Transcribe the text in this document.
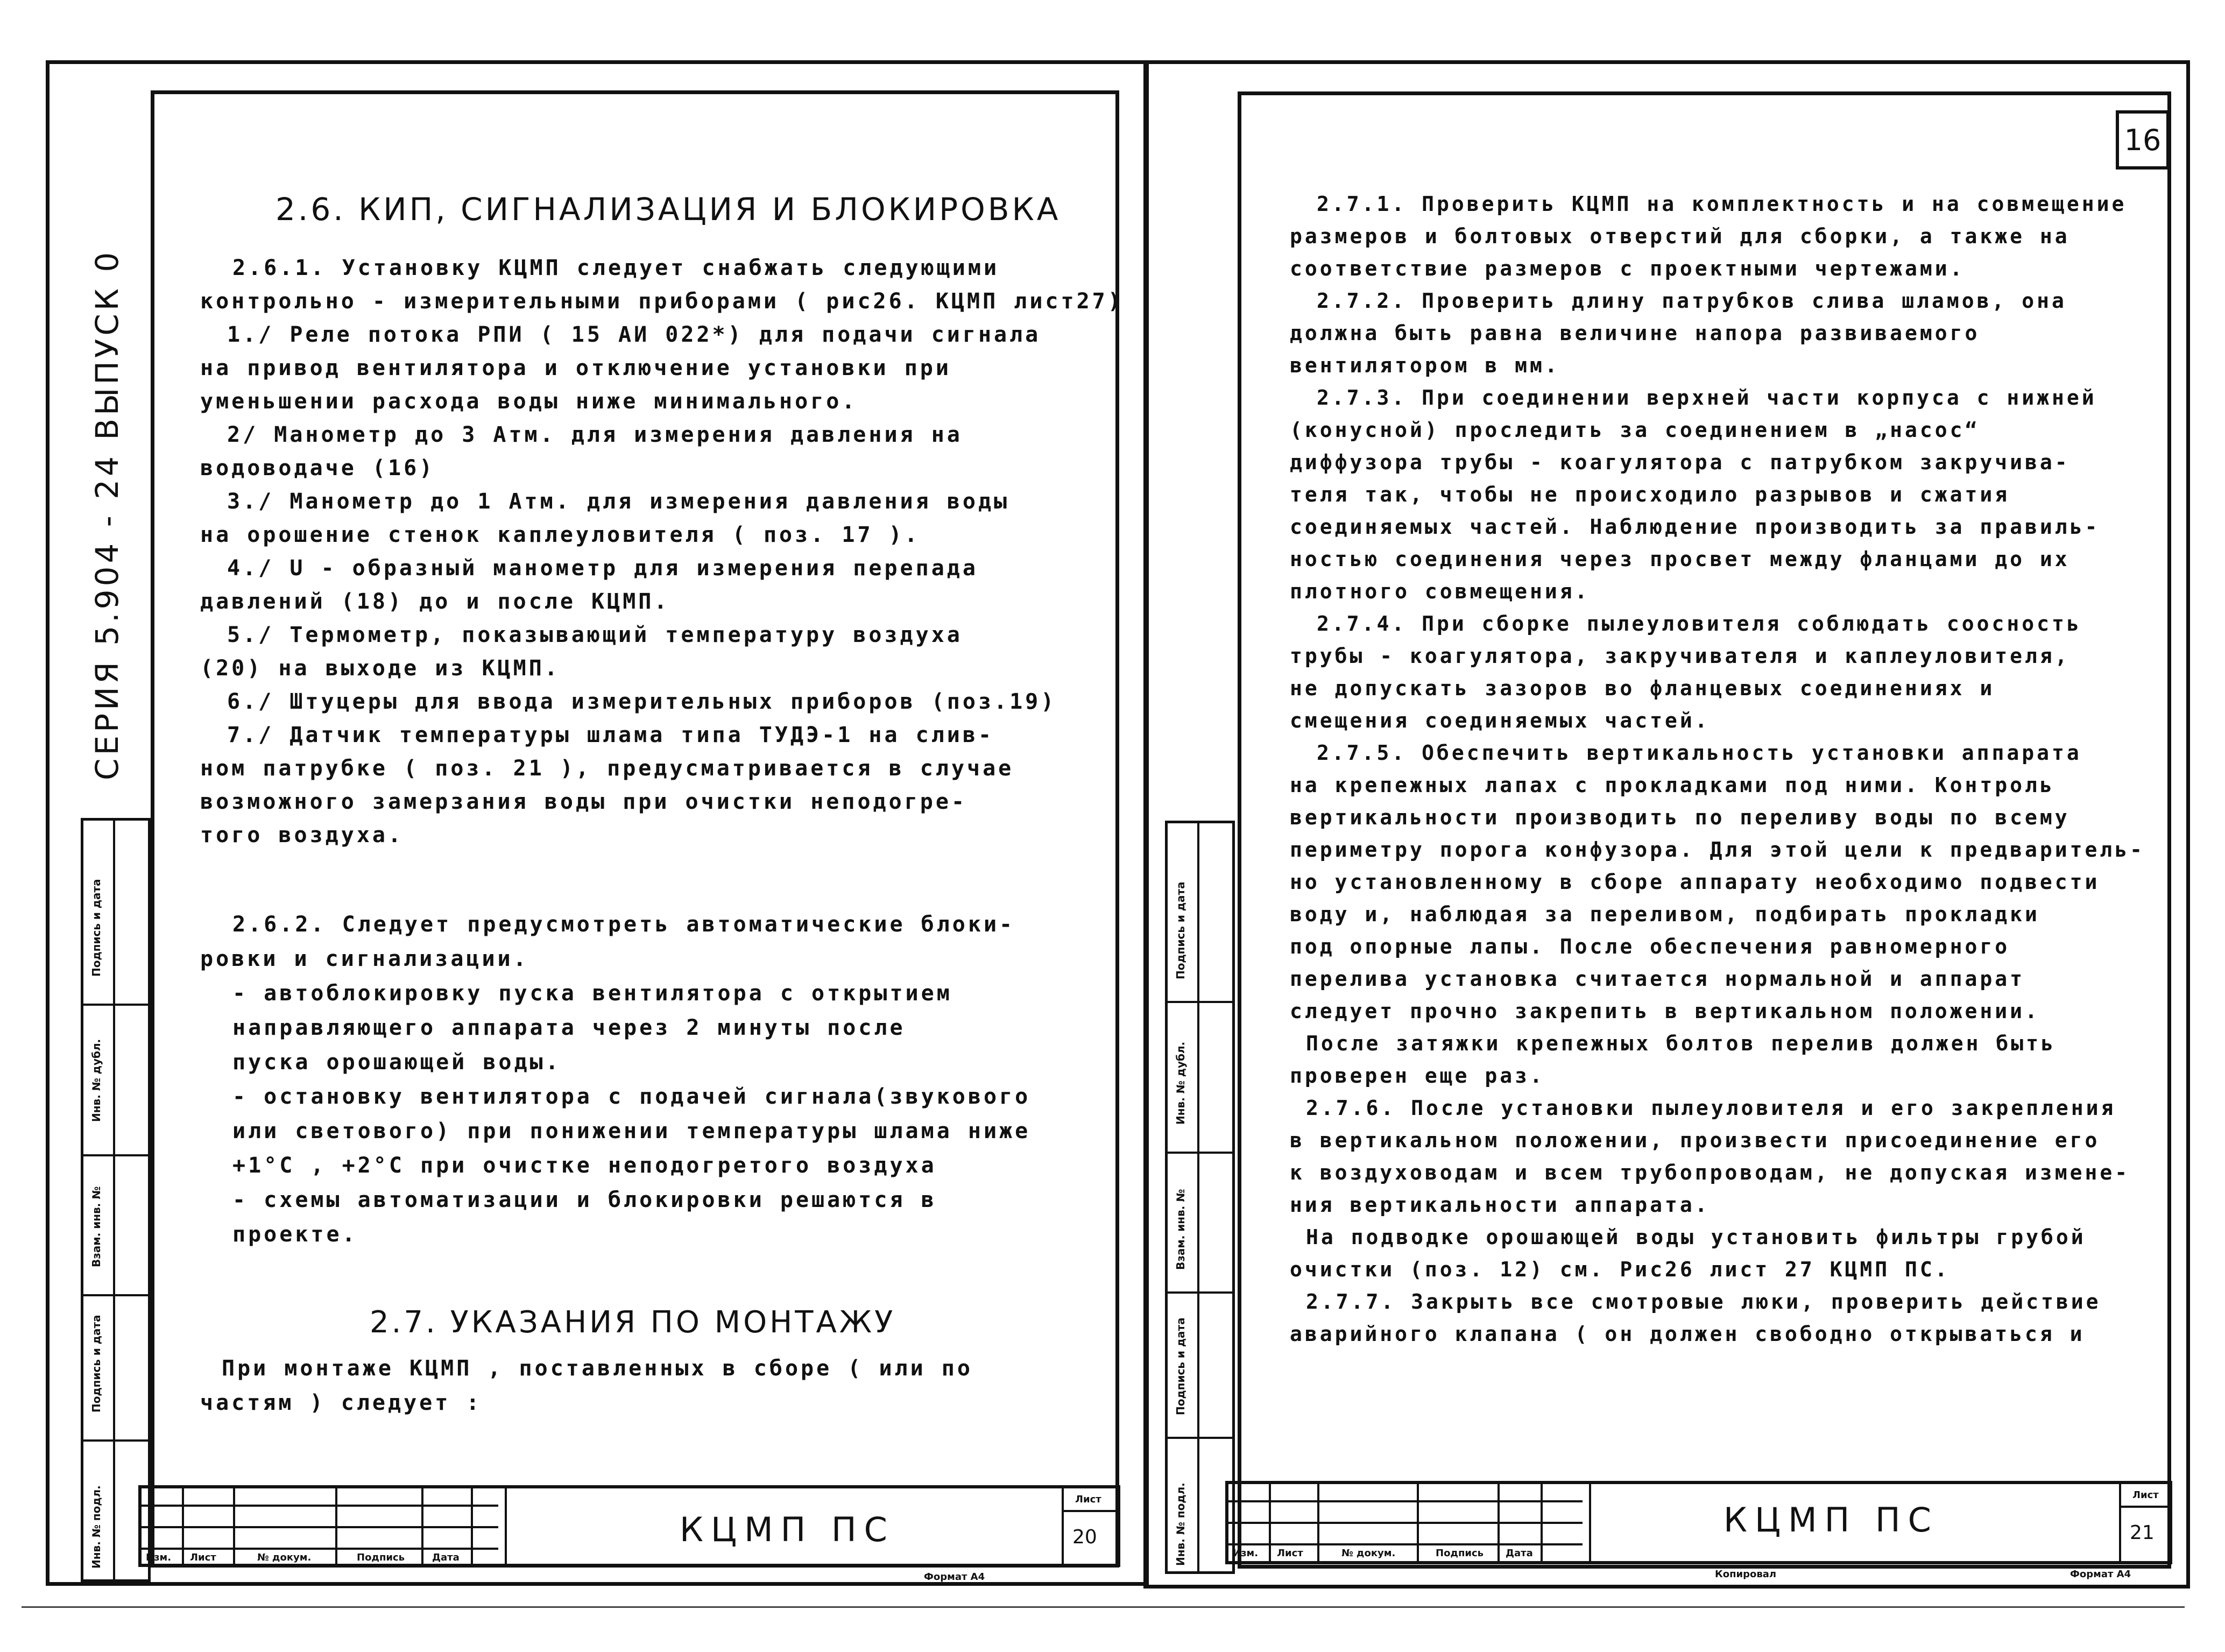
СЕРИЯ 5.904 - 24 ВЫПУСК 0
Подпись и дата
Инв. № дубл.
Взам. инв. №
Подпись и дата
Инв. № подл.
2.6. КИП, СИГНАЛИЗАЦИЯ И БЛОКИРОВКА
2.6.1. Установку КЦМП следует снабжать следующими
контрольно - измерительными приборами ( рис26. КЦМП лист27)
1./ Реле потока РПИ ( 15 АИ 022*) для подачи сигнала
на привод вентилятора и отключение установки при
уменьшении расхода воды ниже минимального.
2/ Манометр до 3 Атм. для измерения давления на
водоводаче (16)
3./ Манометр до 1 Атм. для измерения давления воды
на орошение стенок каплеуловителя ( поз. 17 ).
4./ U - образный манометр для измерения перепада
давлений (18) до и после КЦМП.
5./ Термометр, показывающий температуру воздуха
(20) на выходе из КЦМП.
6./ Штуцеры для ввода измерительных приборов (поз.19)
7./ Датчик температуры шлама типа ТУДЭ-1 на слив-
ном патрубке ( поз. 21 ), предусматривается в случае
возможного замерзания воды при очистки неподогре-
того воздуха.
2.6.2. Следует предусмотреть автоматические блоки-
ровки и сигнализации.
- автоблокировку пуска вентилятора с открытием
направляющего аппарата через 2 минуты после
пуска орошающей воды.
- остановку вентилятора с подачей сигнала(звукового
или светового) при понижении температуры шлама ниже
+1°С , +2°С при очистке неподогретого воздуха
- схемы автоматизации и блокировки решаются в
проекте.
2.7. УКАЗАНИЯ ПО МОНТАЖУ
При монтаже КЦМП , поставленных в сборе ( или по
частям ) следует :
Изм. Лист	№ докум.	Подпись	Дата
КЦМП ПС
Лист
20
Формат А4
Подпись и дата
Инв. № дубл.
Взам. инв. №
Подпись и дата
Инв. № подл.
16
2.7.1. Проверить КЦМП на комплектность и на совмещение
размеров и болтовых отверстий для сборки, а также на
соответствие размеров с проектными чертежами.
2.7.2. Проверить длину патрубков слива шламов, она
должна быть равна величине напора развиваемого
вентилятором в мм.
2.7.3. При соединении верхней части корпуса с нижней
(конусной) проследить за соединением в „насос“
диффузора трубы - коагулятора с патрубком закручива-
теля так, чтобы не происходило разрывов и сжатия
соединяемых частей. Наблюдение производить за правиль-
ностью соединения через просвет между фланцами до их
плотного совмещения.
2.7.4. При сборке пылеуловителя соблюдать соосность
трубы - коагулятора, закручивателя и каплеуловителя,
не допускать зазоров во фланцевых соединениях и
смещения соединяемых частей.
2.7.5. Обеспечить вертикальность установки аппарата
на крепежных лапах с прокладками под ними. Контроль
вертикальности производить по переливу воды по всему
периметру порога конфузора. Для этой цели к предваритель-
но установленному в сборе аппарату необходимо подвести
воду и, наблюдая за переливом, подбирать прокладки
под опорные лапы. После обеспечения равномерного
перелива установка считается нормальной и аппарат
следует прочно закрепить в вертикальном положении.
После затяжки крепежных болтов перелив должен быть
проверен еще раз.
2.7.6. После установки пылеуловителя и его закрепления
в вертикальном положении, произвести присоединение его
к воздуховодам и всем трубопроводам, не допуская измене-
ния вертикальности аппарата.
На подводке орошающей воды установить фильтры грубой
очистки (поз. 12) см. Рис26 лист 27 КЦМП ПС.
2.7.7. Закрыть все смотровые люки, проверить действие
аварийного клапана ( он должен свободно открываться и
Изм. Лист	№ докум.	Подпись Дата
КЦМП ПС
Лист
21
Копировал	Формат А4
